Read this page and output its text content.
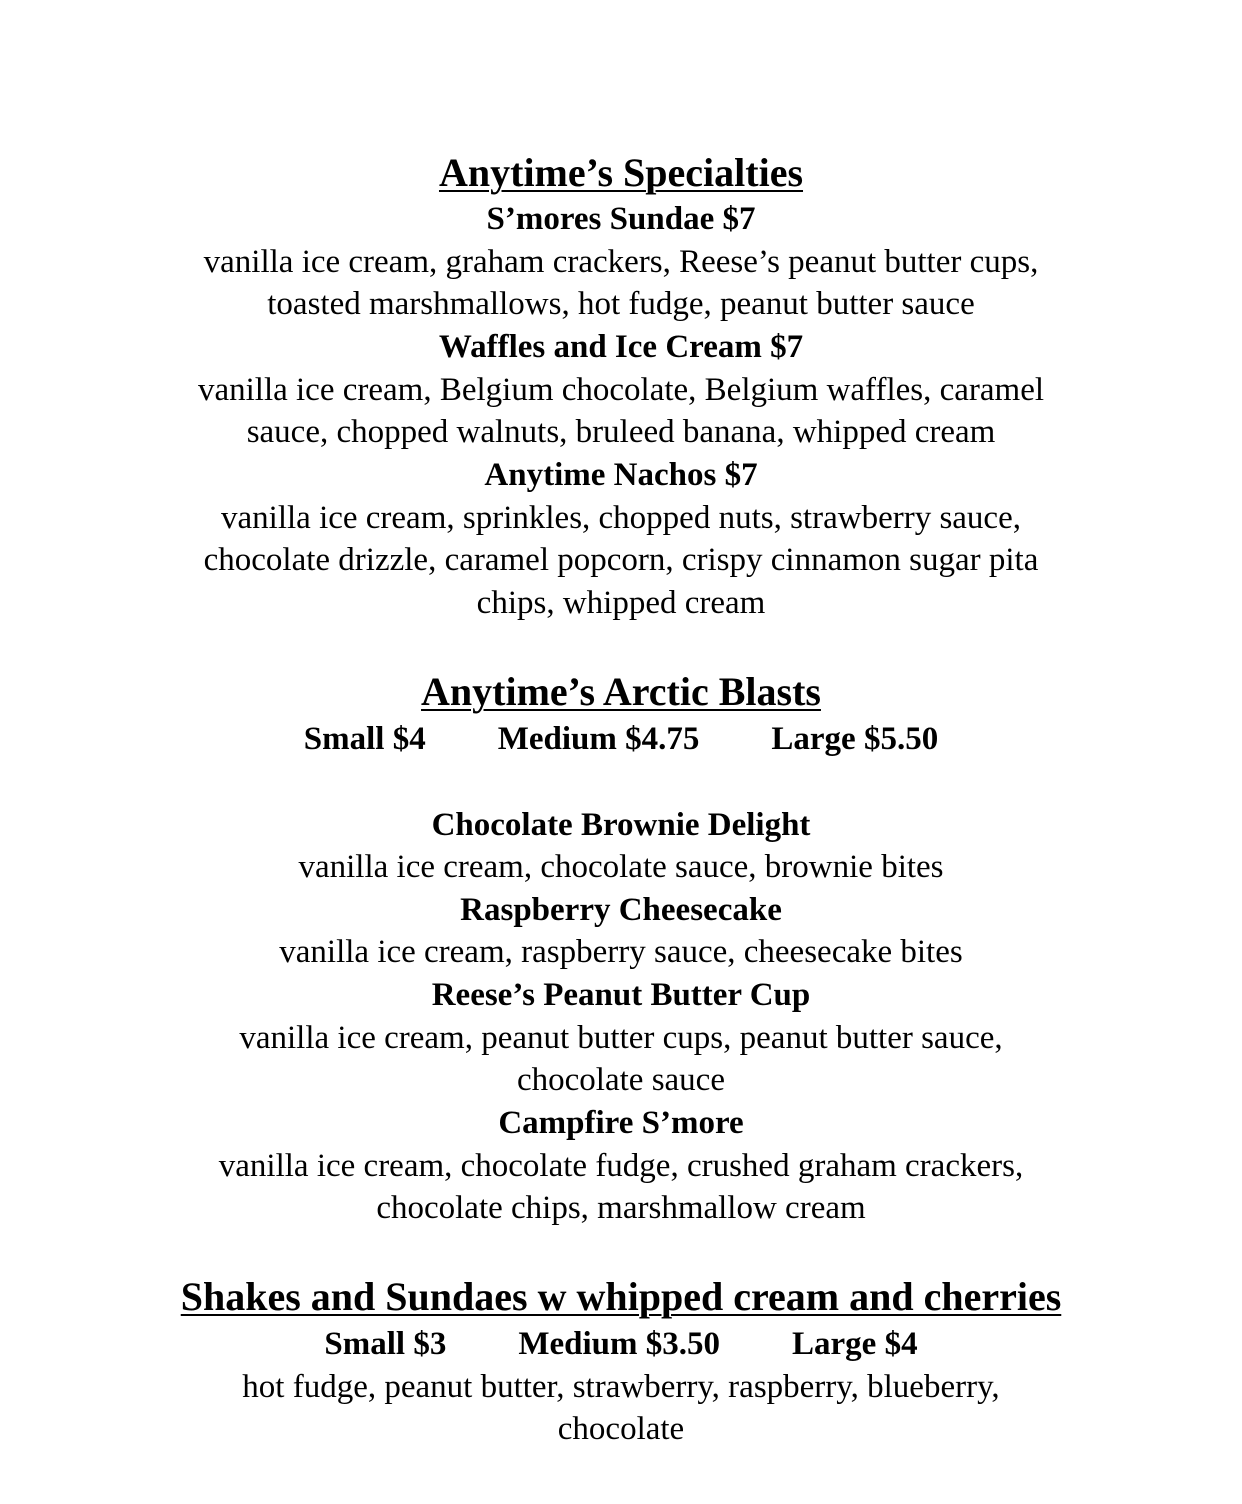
Anytime’s Specialties
S’mores Sundae $7
vanilla ice cream, graham crackers, Reese’s peanut butter cups,
toasted marshmallows, hot fudge, peanut butter sauce
Waffles and Ice Cream $7
vanilla ice cream, Belgium chocolate, Belgium waffles, caramel
sauce, chopped walnuts, bruleed banana, whipped cream
Anytime Nachos $7
vanilla ice cream, sprinkles, chopped nuts, strawberry sauce,
chocolate drizzle, caramel popcorn, crispy cinnamon sugar pita
chips, whipped cream
Anytime’s Arctic Blasts
Small $4 Medium $4.75 Large $5.50
Chocolate Brownie Delight
vanilla ice cream, chocolate sauce, brownie bites
Raspberry Cheesecake
vanilla ice cream, raspberry sauce, cheesecake bites
Reese’s Peanut Butter Cup
vanilla ice cream, peanut butter cups, peanut butter sauce,
chocolate sauce
Campfire S’more
vanilla ice cream, chocolate fudge, crushed graham crackers,
chocolate chips, marshmallow cream
Shakes and Sundaes w whipped cream and cherries
Small $3 Medium $3.50 Large $4
hot fudge, peanut butter, strawberry, raspberry, blueberry,
chocolate
